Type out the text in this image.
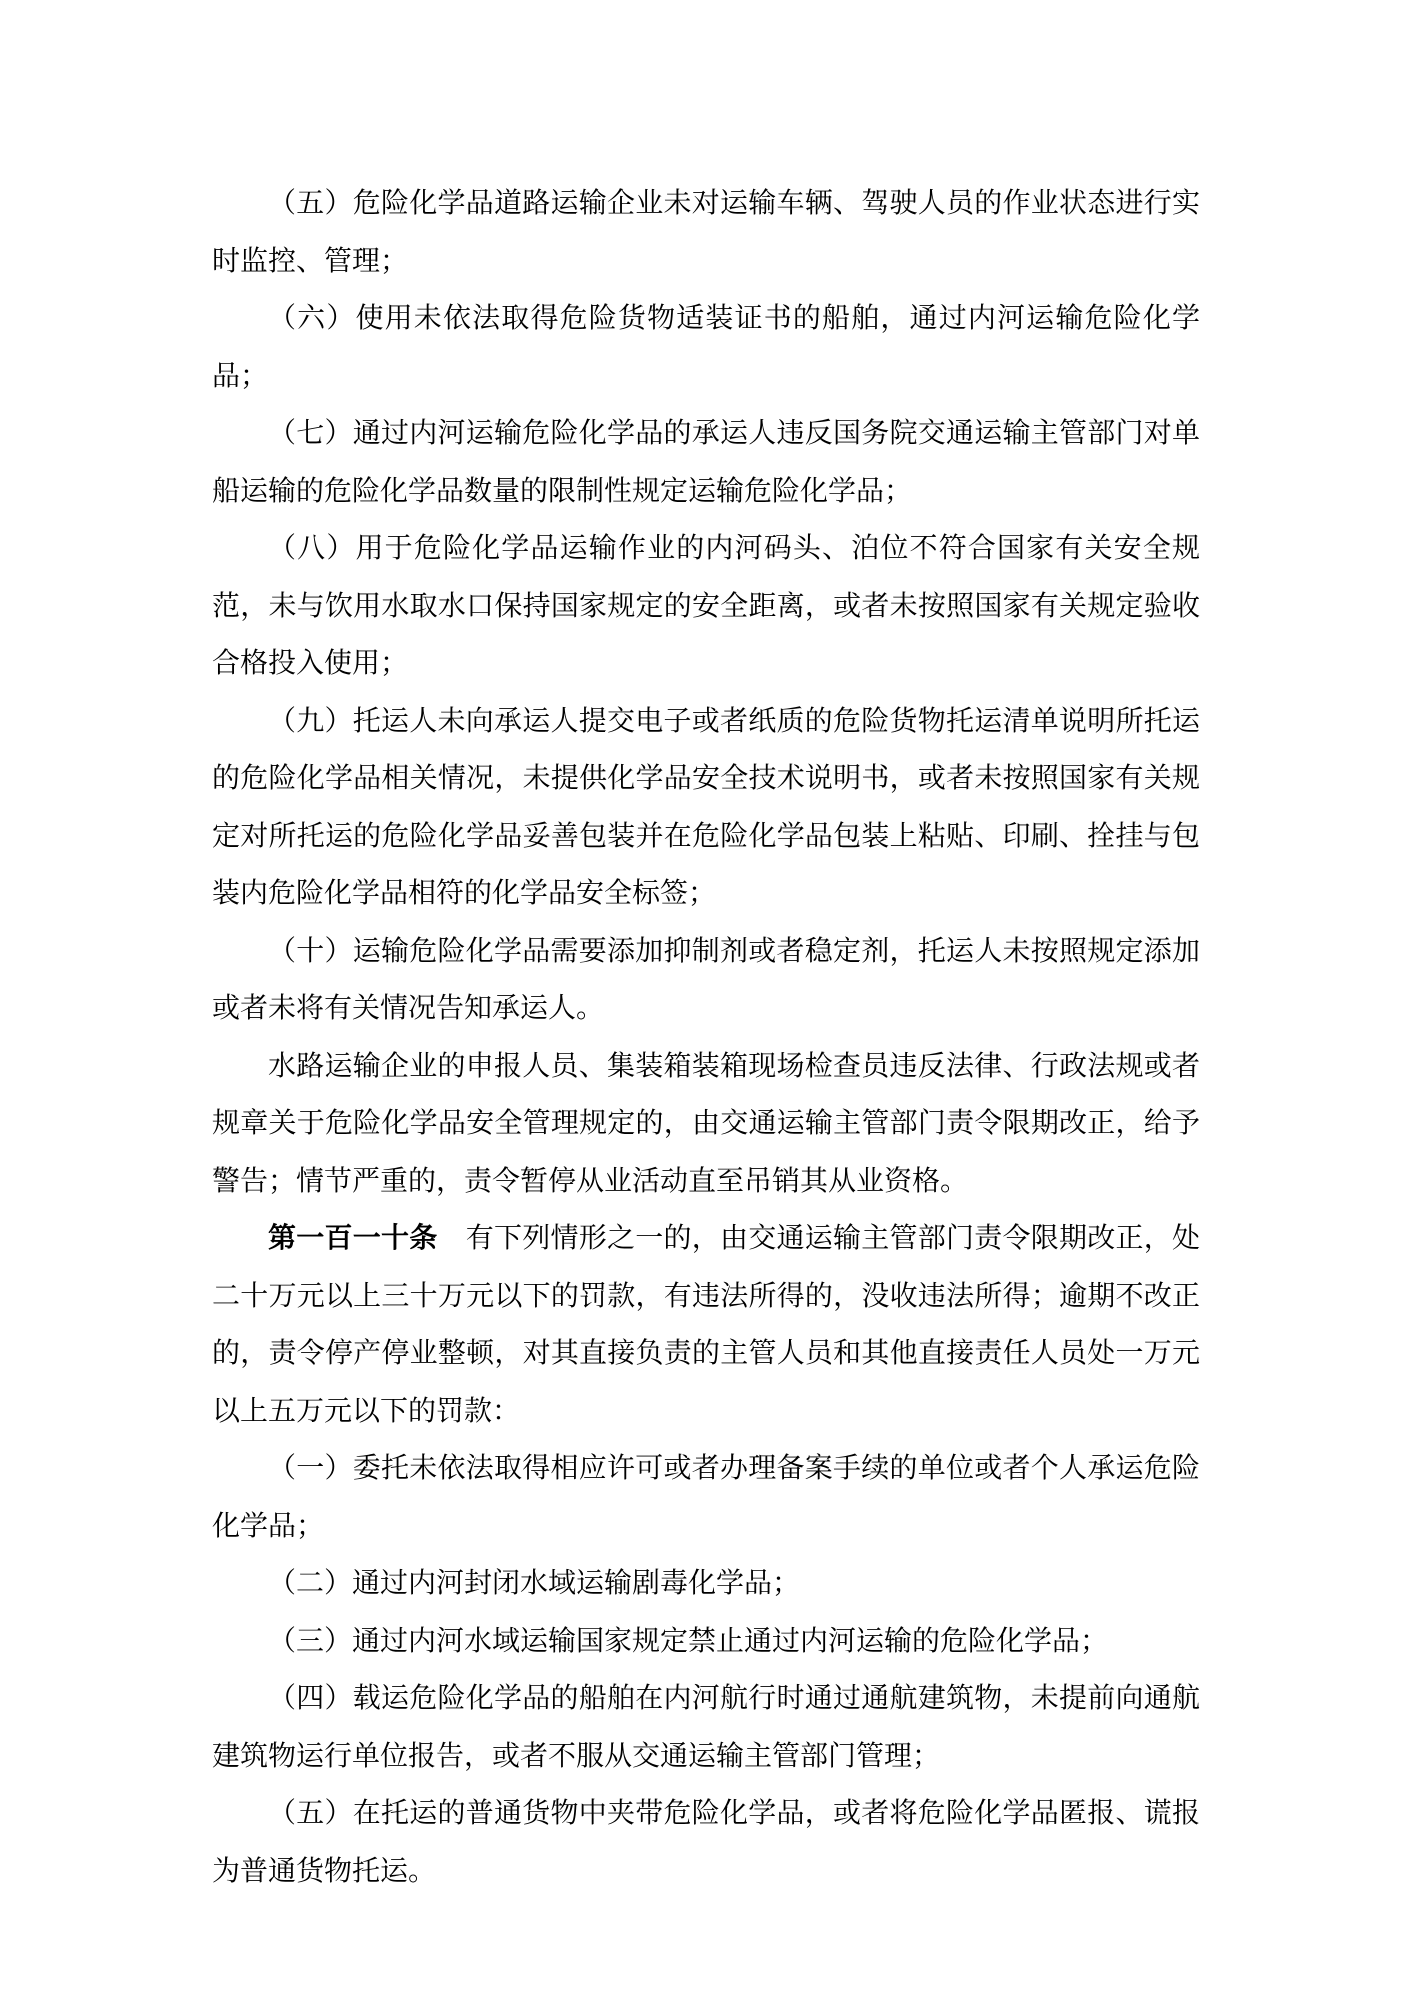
（五）危险化学品道路运输企业未对运输车辆、驾驶人员的作业状态进行实时监控、管理；

（六）使用未依法取得危险货物适装证书的船舶，通过内河运输危险化学品；

（七）通过内河运输危险化学品的承运人违反国务院交通运输主管部门对单船运输的危险化学品数量的限制性规定运输危险化学品；

（八）用于危险化学品运输作业的内河码头、泊位不符合国家有关安全规范，未与饮用水取水口保持国家规定的安全距离，或者未按照国家有关规定验收合格投入使用；

（九）托运人未向承运人提交电子或者纸质的危险货物托运清单说明所托运的危险化学品相关情况，未提供化学品安全技术说明书，或者未按照国家有关规定对所托运的危险化学品妥善包装并在危险化学品包装上粘贴、印刷、拴挂与包装内危险化学品相符的化学品安全标签；

（十）运输危险化学品需要添加抑制剂或者稳定剂，托运人未按照规定添加或者未将有关情况告知承运人。

水路运输企业的申报人员、集装箱装箱现场检查员违反法律、行政法规或者规章关于危险化学品安全管理规定的，由交通运输主管部门责令限期改正，给予警告；情节严重的，责令暂停从业活动直至吊销其从业资格。

第一百一十条　有下列情形之一的，由交通运输主管部门责令限期改正，处二十万元以上三十万元以下的罚款，有违法所得的，没收违法所得；逾期不改正的，责令停产停业整顿，对其直接负责的主管人员和其他直接责任人员处一万元以上五万元以下的罚款：

（一）委托未依法取得相应许可或者办理备案手续的单位或者个人承运危险化学品；

（二）通过内河封闭水域运输剧毒化学品；

（三）通过内河水域运输国家规定禁止通过内河运输的危险化学品；

（四）载运危险化学品的船舶在内河航行时通过通航建筑物，未提前向通航建筑物运行单位报告，或者不服从交通运输主管部门管理；

（五）在托运的普通货物中夹带危险化学品，或者将危险化学品匿报、谎报为普通货物托运。
